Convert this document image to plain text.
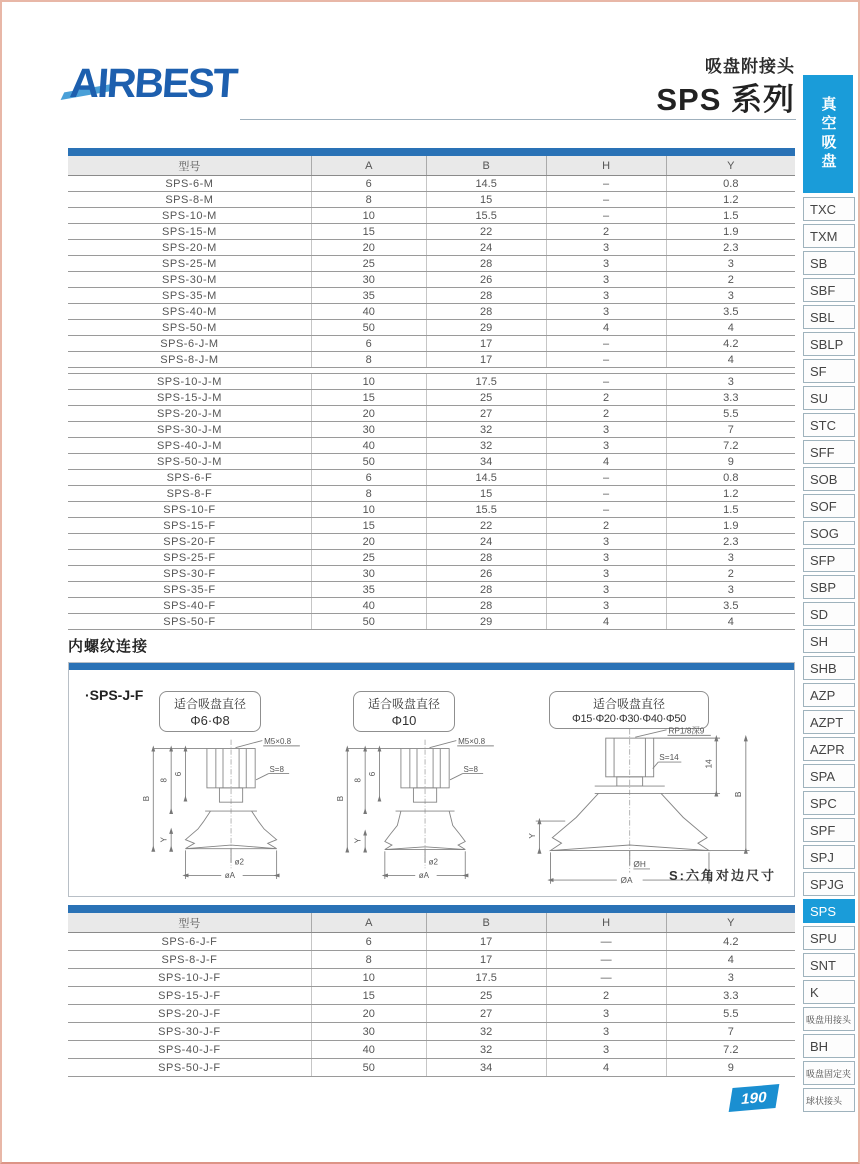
AIRBEST	吸盘附接头
SPS 系列
型号	A	B	H	Y
SPS-6-M	6	14.5	–	0.8
SPS-8-M	8	15	–	1.2
SPS-10-M	10	15.5	–	1.5
SPS-15-M	15	22	2	1.9
SPS-20-M	20	24	3	2.3
SPS-25-M	25	28	3	3
SPS-30-M	30	26	3	2
SPS-35-M	35	28	3	3
SPS-40-M	40	28	3	3.5
SPS-50-M	50	29	4	4
SPS-6-J-M	6	17	–	4.2
SPS-8-J-M	8	17	–	4
SPS-10-J-M	10	17.5	–	3
SPS-15-J-M	15	25	2	3.3
SPS-20-J-M	20	27	2	5.5
SPS-30-J-M	30	32	3	7
SPS-40-J-M	40	32	3	7.2
SPS-50-J-M	50	34	4	9
SPS-6-F	6	14.5	–	0.8
SPS-8-F	8	15	–	1.2
SPS-10-F	10	15.5	–	1.5
SPS-15-F	15	22	2	1.9
SPS-20-F	20	24	3	2.3
SPS-25-F	25	28	3	3
SPS-30-F	30	26	3	2
SPS-35-F	35	28	3	3
SPS-40-F	40	28	3	3.5
SPS-50-F	50	29	4	4
内螺纹连接
·SPS-J-F
适合吸盘直径
Φ6·Φ8
适合吸盘直径
Φ10
适合吸盘直径
Φ15·Φ20·Φ30·Φ40·Φ50
M5×0.8
S=8
B
8
6
Y
ø2
øA
M5×0.8
S=8
B
8
6
Y
ø2
øA
RP1/8深9
S=14
14
B
Y
ØH
ØA	S:六角对边尺寸
型号	A	B	H	Y
SPS-6-J-F	6	17	—	4.2
SPS-8-J-F	8	17	—	4
SPS-10-J-F	10	17.5	—	3
SPS-15-J-F	15	25	2	3.3
SPS-20-J-F	20	27	3	5.5
SPS-30-J-F	30	32	3	7
SPS-40-J-F	40	32	3	7.2
SPS-50-J-F	50	34	4	9
190
真空吸盘
TXC
TXM
SB
SBF
SBL
SBLP
SF
SU
STC
SFF
SOB
SOF
SOG
SFP
SBP
SD
SH
SHB
AZP
AZPT
AZPR
SPA
SPC
SPF
SPJ
SPJG
SPS
SPU
SNT
K
吸盘用接头
BH
吸盘固定夹
球状接头
